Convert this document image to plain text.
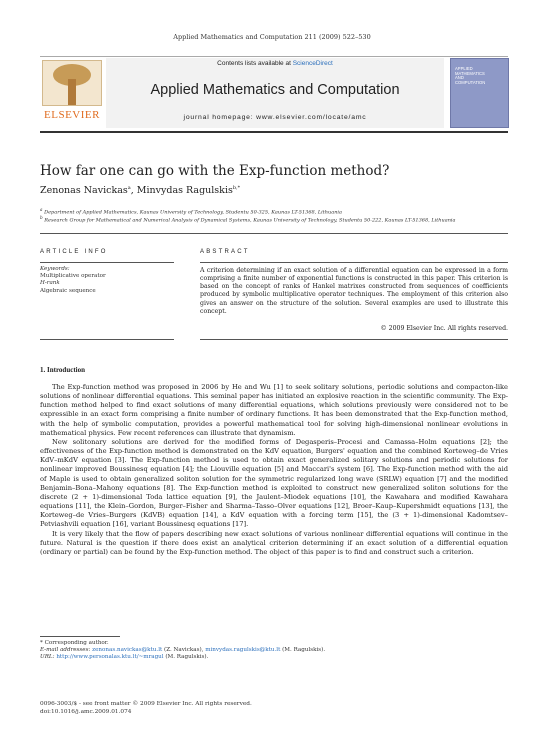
Applied Mathematics and Computation 211 (2009) 522–530
ELSEVIER
Contents lists available at ScienceDirect
Applied Mathematics and Computation
journal homepage: www.elsevier.com/locate/amc
APPLIED
MATHEMATICS
AND
COMPUTATION
How far one can go with the Exp-function method?
Zenonas Navickas$^a$, Minvydas Ragulskis$^{b,*}$
$^a$ Department of Applied Mathematics, Kaunas University of Technology, Studentu 50-325, Kaunas LT-51368, Lithuania
$^b$ Research Group for Mathematical and Numerical Analysis of Dynamical Systems, Kaunas University of Technology, Studentu 50-222, Kaunas LT-51368, Lithuania
ARTICLE INFO	ABSTRACT
Keywords:
Multiplicative operator
H-rank
Algebraic sequence
A criterion determining if an exact solution of a differential equation can be expressed in a form comprising a finite number of exponential functions is constructed in this paper. This criterion is based on the concept of ranks of Hankel matrixes constructed from sequences of coefficients produced by symbolic multiplicative operator techniques. The employment of this criterion also gives an answer on the structure of the solution. Several examples are used to illustrate this concept.
© 2009 Elsevier Inc. All rights reserved.
1. Introduction

The Exp-function method was proposed in 2006 by He and Wu [1] to seek solitary solutions, periodic solutions and compacton-like solutions of nonlinear differential equations. This seminal paper has initiated an explosive reaction in the scientific community. The Exp-function method helped to find exact solutions of many differential equations, which solutions previously were considered not to be expressible in an exact form comprising a finite number of ordinary functions. It has been demonstrated that the Exp-function method, with the help of symbolic computation, provides a powerful mathematical tool for solving high-dimensional nonlinear evolutions in mathematical physics. Few recent references can illustrate that dynamism.

New solitonary solutions are derived for the modified forms of Degasperis–Procesi and Camassa–Holm equations [2]; the effectiveness of the Exp-function method is demonstrated on the KdV equation, Burgers' equation and the combined Korteweg–de Vries KdV–mKdV equation [3]. The Exp-function method is used to obtain exact generalized solitary solutions and periodic solutions for nonlinear improved Boussinesq equation [4]; the Liouville equation [5] and Maccari's system [6]. The Exp-function method with the aid of Maple is used to obtain generalized soliton solution for the symmetric regularized long wave (SRLW) equation [7] and the modified Benjamin–Bona–Mahony equations [8]. The Exp-function method is exploited to construct new generalized soliton solutions for the discrete (2 + 1)-dimensional Toda lattice equation [9], the Jaulent–Miodek equations [10], the Kawahara and modified Kawahara equations [11], the Klein–Gordon, Burger–Fisher and Sharma–Tasso–Olver equations [12], Broer–Kaup–Kupershmidt equations [13], the Korteweg–de Vries–Burgers (KdVB) equation [14], a KdV equation with a forcing term [15], the (3 + 1)-dimensional Kadomtsev–Petviashvili equation [16], variant Boussinesq equations [17].

It is very likely that the flow of papers describing new exact solutions of various nonlinear differential equations will continue in the future. Natural is the question if there does exist an analytical criterion determining if an exact solution of a differential equation (ordinary or partial) can be found by the Exp-function method. The object of this paper is to find and construct such a criterion.

* Corresponding author.
E-mail addresses: zenonas.navickas@ktu.lt (Z. Navickas), minvydas.ragulskis@ktu.lt (M. Ragulskis).
URL: http://www.personalas.ktu.lt/~mragul (M. Ragulskis).
0096-3003/$ - see front matter © 2009 Elsevier Inc. All rights reserved.
doi:10.1016/j.amc.2009.01.074
